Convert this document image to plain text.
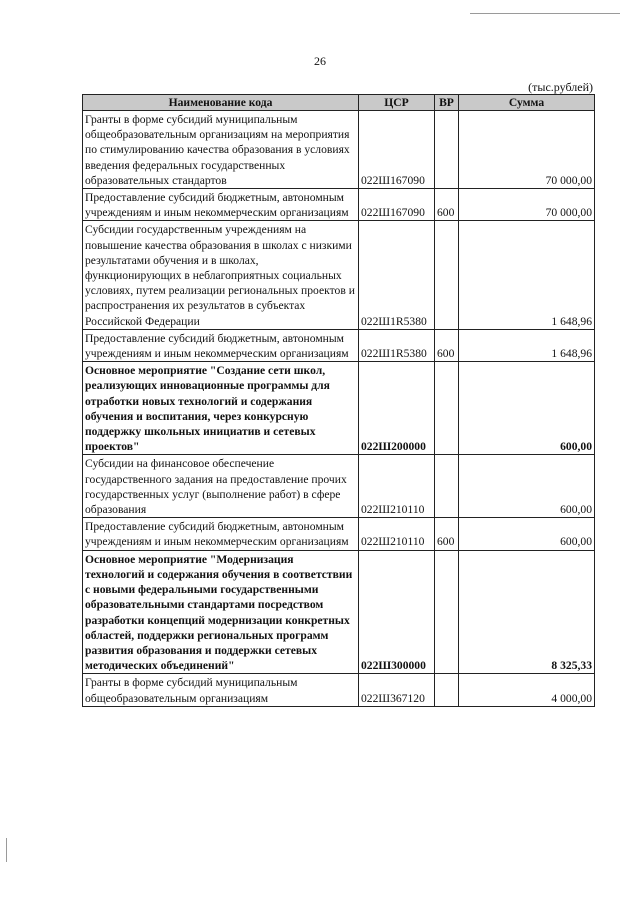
26
(тыс.рублей)
Наименование кода	ЦСР	ВР	Сумма
Гранты в форме субсидий муниципальным общеобразовательным организациям на мероприятия по стимулированию качества образования в условиях введения федеральных государственных образовательных стандартов	022Ш167090		70 000,00
Предоставление субсидий бюджетным, автономным учреждениям и иным некоммерческим организациям	022Ш167090	600	70 000,00
Субсидии государственным учреждениям на повышение качества образования в школах с низкими результатами обучения и в школах, функционирующих в неблагоприятных социальных условиях, путем реализации региональных проектов и распространения их результатов в субъектах Российской Федерации	022Ш1R5380		1 648,96
Предоставление субсидий бюджетным, автономным учреждениям и иным некоммерческим организациям	022Ш1R5380	600	1 648,96
Основное мероприятие "Создание сети школ, реализующих инновационные программы для отработки новых технологий и содержания обучения и воспитания, через конкурсную поддержку школьных инициатив и сетевых проектов"	022Ш200000		600,00
Субсидии на финансовое обеспечение государственного задания на предоставление прочих государственных услуг (выполнение работ) в сфере образования	022Ш210110		600,00
Предоставление субсидий бюджетным, автономным учреждениям и иным некоммерческим организациям	022Ш210110	600	600,00
Основное мероприятие "Модернизация технологий и содержания обучения в соответствии с новыми федеральными государственными образовательными стандартами посредством разработки концепций модернизации конкретных областей, поддержки региональных программ развития образования и поддержки сетевых методических объединений"	022Ш300000		8 325,33
Гранты в форме субсидий муниципальным общеобразовательным организациям	022Ш367120		4 000,00
